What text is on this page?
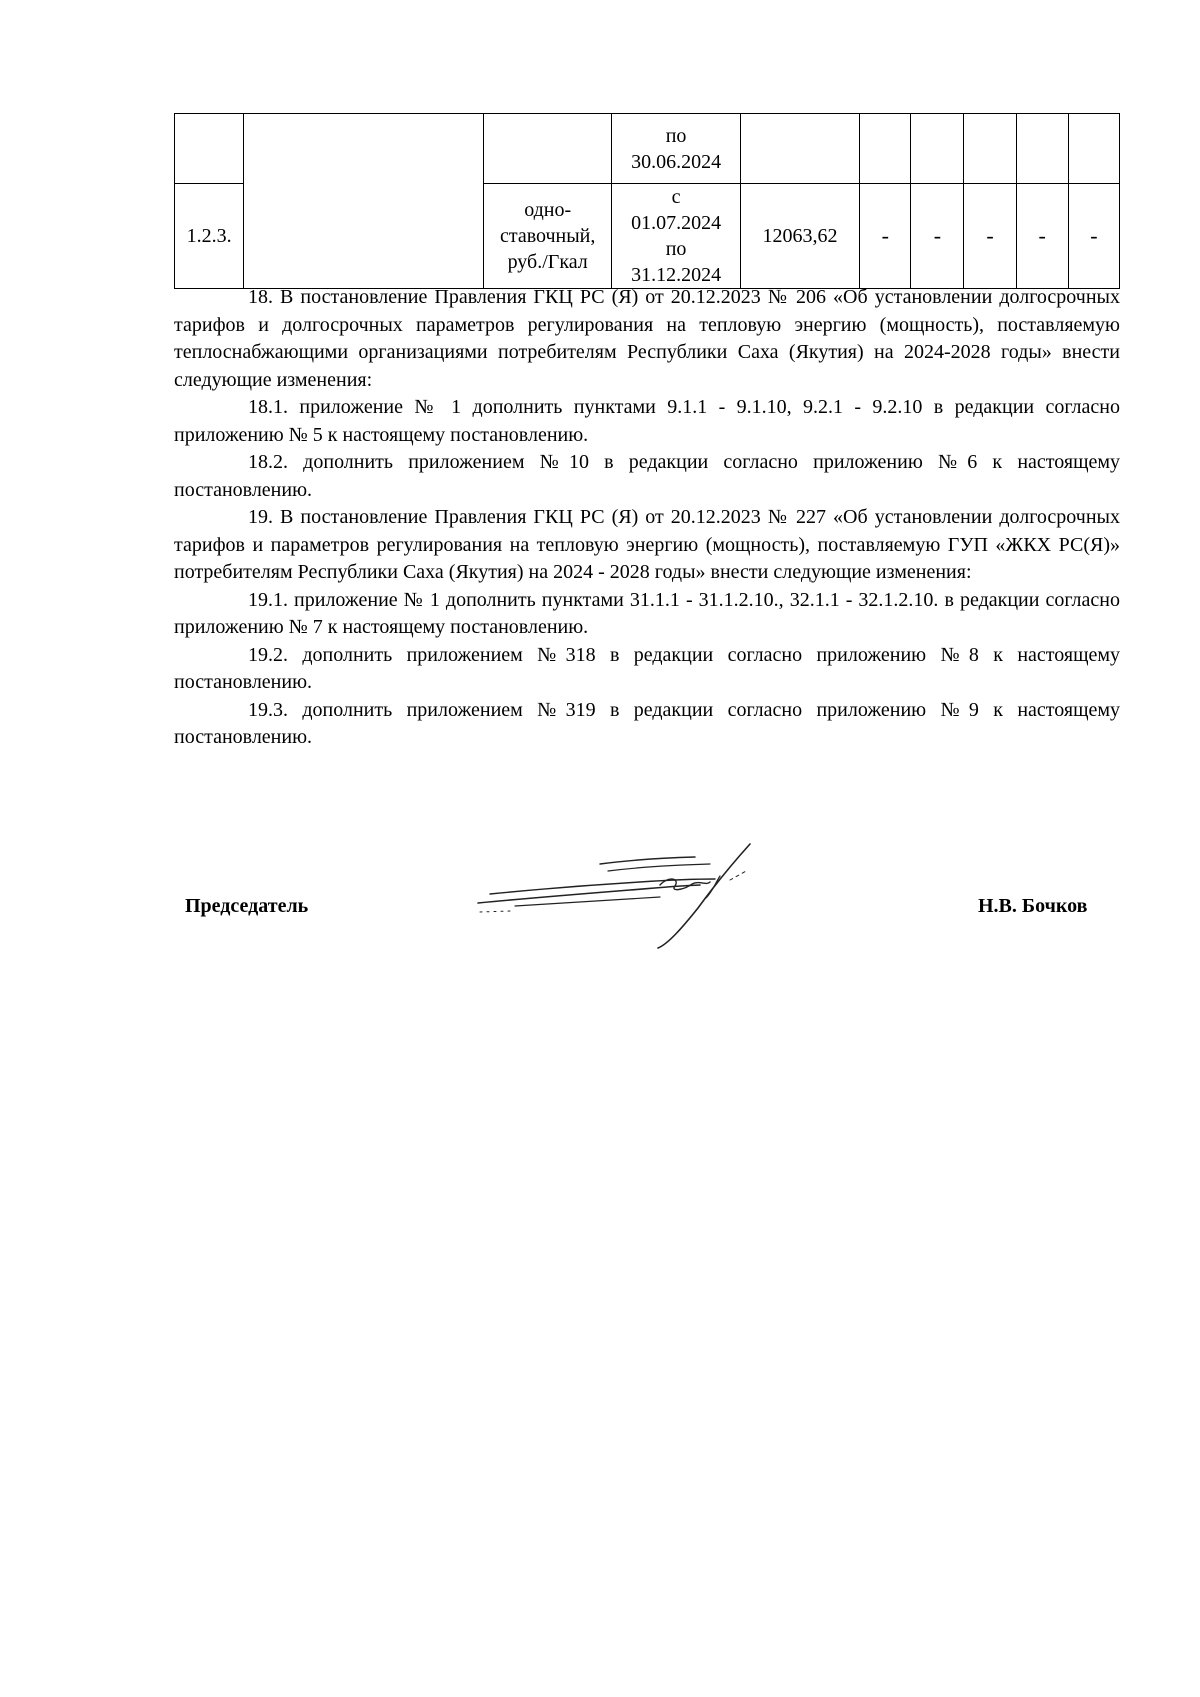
			по
30.06.2024						

1.2.3.		одно-
ставочный,
руб./Гкал	с
01.07.2024
по
31.12.2024	12063,62	-	-	-	-	-

18. В постановление Правления ГКЦ РС (Я) от 20.12.2023 № 206 «Об установлении долгосрочных тарифов и долгосрочных параметров регулирования на тепловую энергию (мощность), поставляемую теплоснабжающими организациями потребителям Республики Саха (Якутия) на 2024-2028 годы» внести следующие изменения:

18.1. приложение № 1 дополнить пунктами 9.1.1 - 9.1.10, 9.2.1 - 9.2.10 в редакции согласно приложению № 5 к настоящему постановлению.

18.2. дополнить приложением №10 в редакции согласно приложению №6 к настоящему постановлению.

19. В постановление Правления ГКЦ РС (Я) от 20.12.2023 № 227 «Об установлении долгосрочных тарифов и параметров регулирования на тепловую энергию (мощность), поставляемую ГУП «ЖКХ РС(Я)» потребителям Республики Саха (Якутия) на 2024 - 2028 годы» внести следующие изменения:

19.1. приложение № 1 дополнить пунктами 31.1.1 - 31.1.2.10., 32.1.1 - 32.1.2.10. в редакции согласно приложению № 7 к настоящему постановлению.

19.2. дополнить приложением №318 в редакции согласно приложению №8 к настоящему постановлению.

19.3. дополнить приложением №319 в редакции согласно приложению №9 к настоящему постановлению.

Председатель	Н.В. Бочков
